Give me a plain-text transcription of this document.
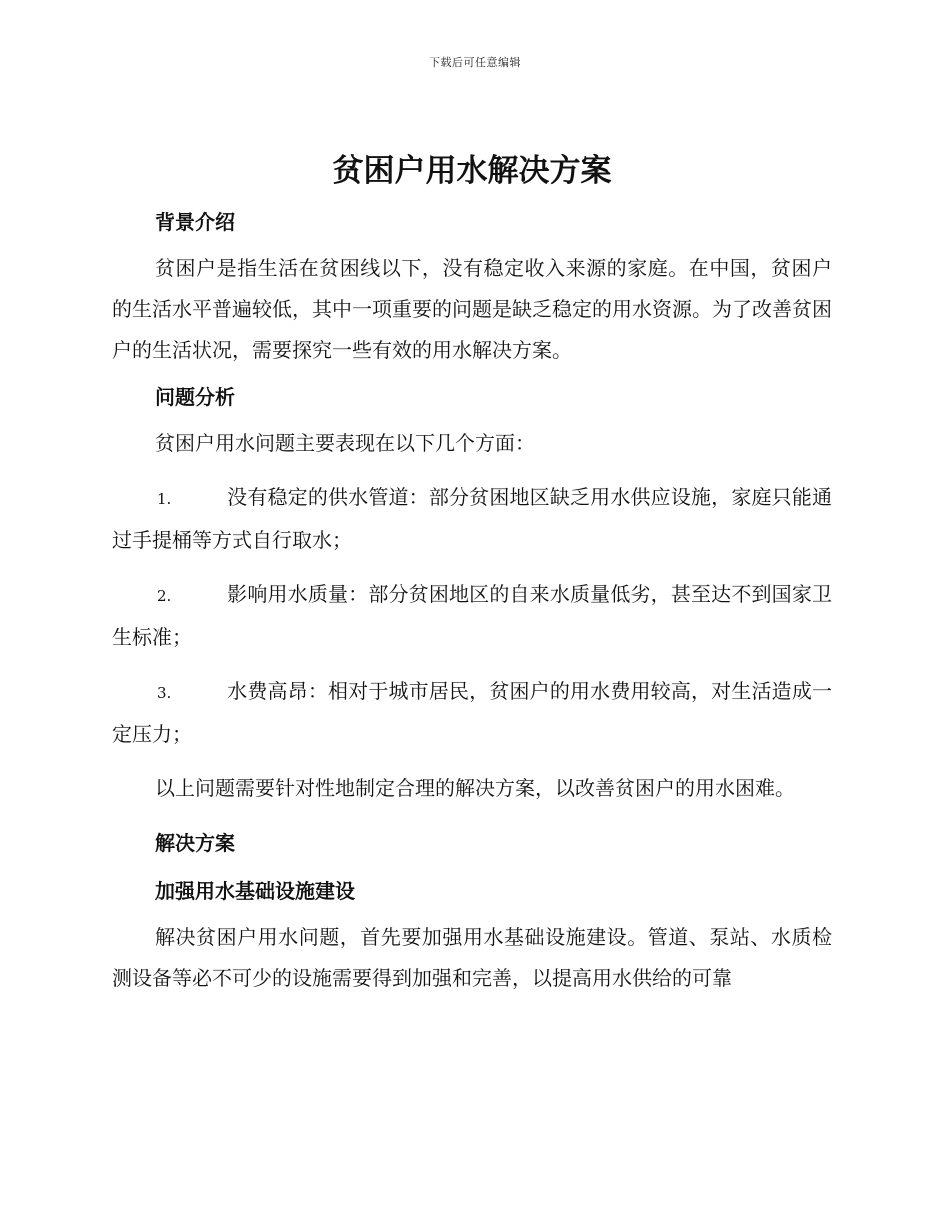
下载后可任意编辑
贫困户用水解决方案
背景介绍

贫困户是指生活在贫困线以下，没有稳定收入来源的家庭。在中国，贫困户的生活水平普遍较低，其中一项重要的问题是缺乏稳定的用水资源。为了改善贫困户的生活状况，需要探究一些有效的用水解决方案。

问题分析

贫困户用水问题主要表现在以下几个方面：

1.	没有稳定的供水管道：部分贫困地区缺乏用水供应设施，家庭只能通过手提桶等方式自行取水；

2.	影响用水质量：部分贫困地区的自来水质量低劣，甚至达不到国家卫生标准；

3.	水费高昂：相对于城市居民，贫困户的用水费用较高，对生活造成一定压力；

以上问题需要针对性地制定合理的解决方案，以改善贫困户的用水困难。

解决方案
加强用水基础设施建设

解决贫困户用水问题，首先要加强用水基础设施建设。管道、泵站、水质检测设备等必不可少的设施需要得到加强和完善，以提高用水供给的可靠
